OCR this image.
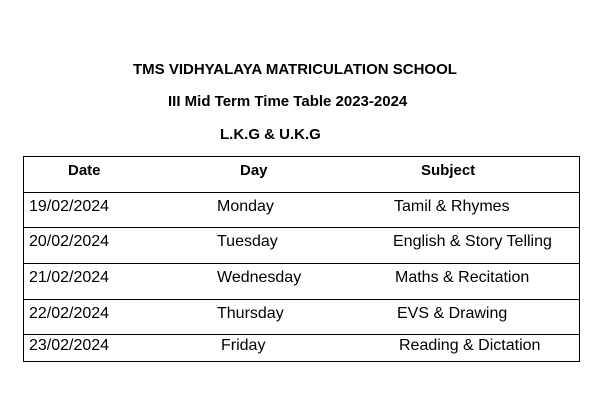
TMS VIDHYALAYA MATRICULATION SCHOOL
III Mid Term Time Table 2023-2024
L.K.G & U.K.G
Date	Day	Subject
19/02/2024	Monday	Tamil & Rhymes
20/02/2024	Tuesday	English & Story Telling
21/02/2024	Wednesday	Maths & Recitation
22/02/2024	Thursday	EVS & Drawing
23/02/2024	Friday	Reading & Dictation
